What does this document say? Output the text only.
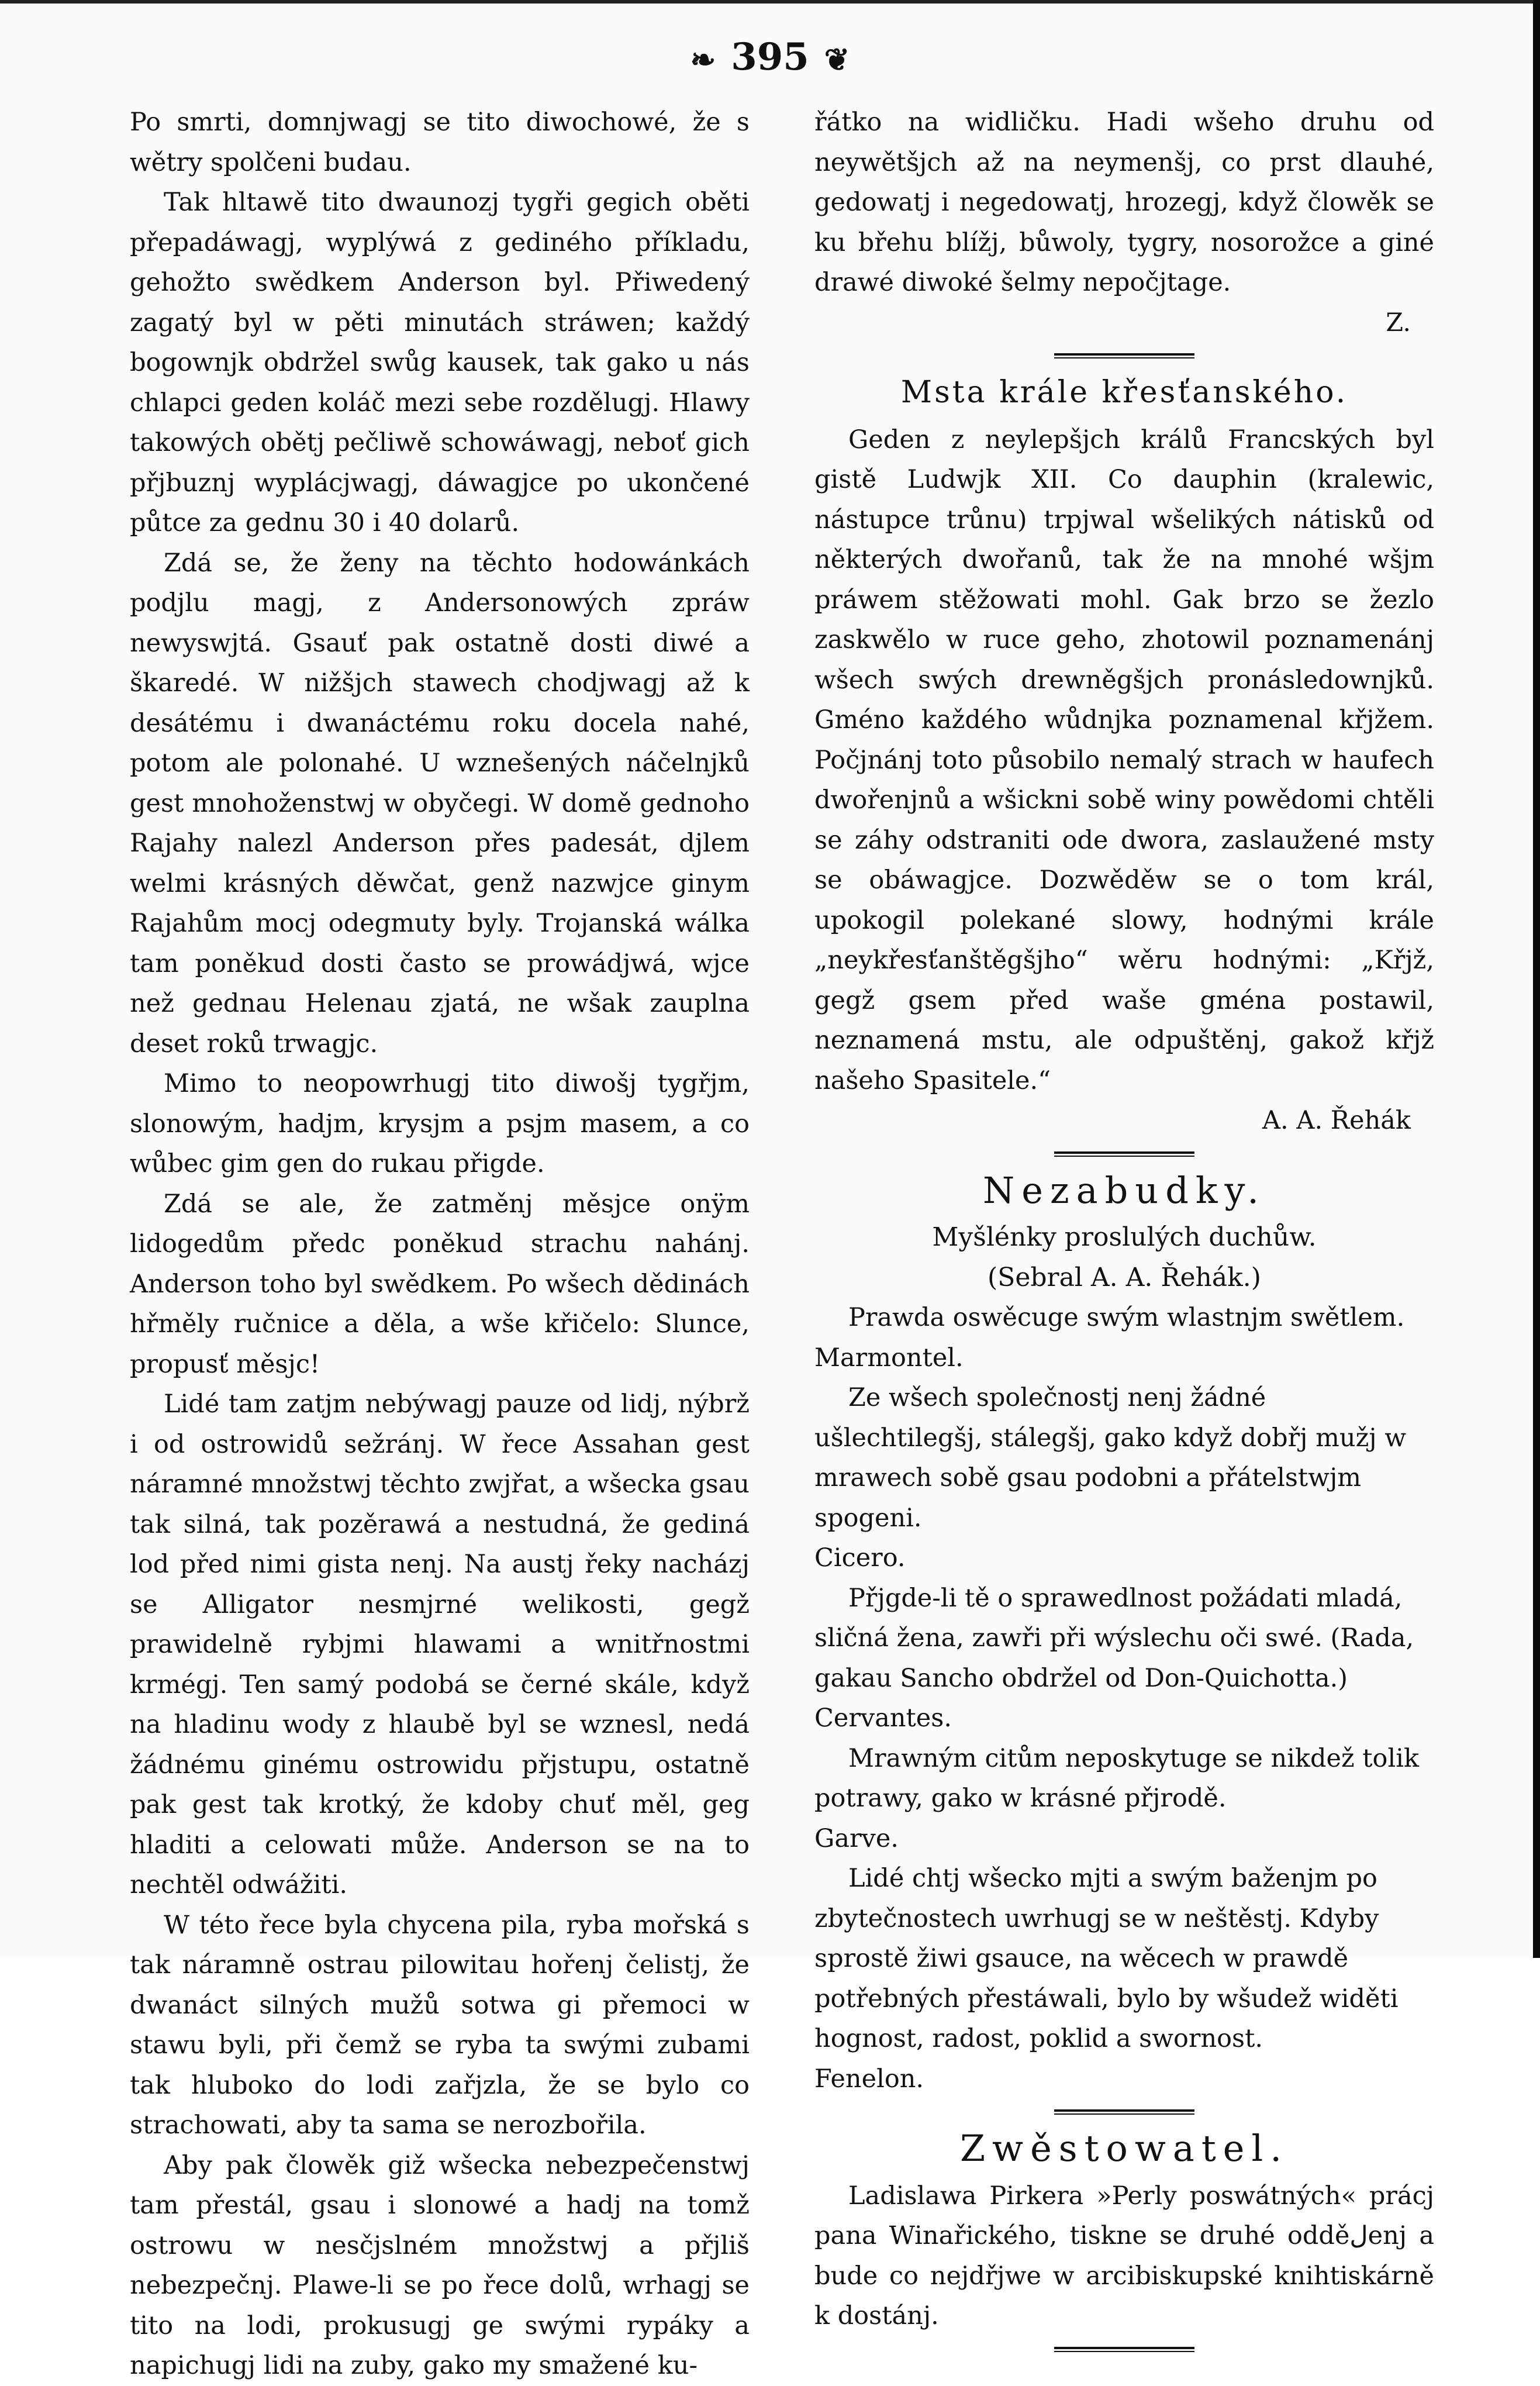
❧ 395 ❦

Po smrti, domnjwagj se tito diwochowé, že s wětry spolčeni budau.

Tak hltawě tito dwaunozj tygři gegich oběti přepadáwagj, wyplýwá z gediného příkladu, gehožto swědkem Anderson byl. Přiwedený zagatý byl w pěti minutách stráwen; každý bogownjk obdržel swůg kausek, tak gako u nás chlapci geden koláč mezi sebe rozdělugj. Hlawy takowých obětj pečliwě schowáwagj, neboť gich přjbuznj wyplácjwagj, dáwagjce po ukončené půtce za gednu 30 i 40 dolarů.

Zdá se, že ženy na těchto hodowánkách podjlu magj, z Andersonowých zpráw newyswjtá. Gsauť pak ostatně dosti diwé a škaredé. W nižšjch stawech chodjwagj až k desátému i dwanáctému roku docela nahé, potom ale polonahé. U wznešených náčelnjků gest mnohoženstwj w obyčegi. W domě gednoho Rajahy nalezl Anderson přes padesát, djlem welmi krásných děwčat, genž nazwjce ginym Rajahům mocj odegmuty byly. Trojanská wálka tam poněkud dosti často se prowádjwá, wjce než gednau Helenau zjatá, ne wšak zauplna deset roků trwagjc.

Mimo to neopowrhugj tito diwošj tygřjm, slonowým, hadjm, krysjm a psjm masem, a co wůbec gim gen do rukau přigde.

Zdá se ale, že zatměnj měsjce onÿm lidogedům předc poněkud strachu nahánj. Anderson toho byl swědkem. Po wšech dědinách hřměly ručnice a děla, a wše křičelo: Slunce, propusť měsjc!

Lidé tam zatjm nebýwagj pauze od lidj, nýbrž i od ostrowidů sežránj. W řece Assahan gest náramné množstwj těchto zwjřat, a wšecka gsau tak silná, tak pozěrawá a nestudná, že gediná lod před nimi gista nenj. Na austj řeky nacházj se Alligator nesmjrné welikosti, gegž prawidelně rybjmi hlawami a wnitřnostmi krmégj. Ten samý podobá se černé skále, když na hladinu wody z hlaubě byl se wznesl, nedá žádnému ginému ostrowidu přjstupu, ostatně pak gest tak krotký, že kdoby chuť měl, geg hladiti a celowati může. Anderson se na to nechtěl odwážiti.

W této řece byla chycena pila, ryba mořská s tak náramně ostrau pilowitau hořenj čelistj, že dwanáct silných mužů sotwa gi přemoci w stawu byli, při čemž se ryba ta swými zubami tak hluboko do lodi zařjzla, že se bylo co strachowati, aby ta sama se nerozbořila.

Aby pak člowěk giž wšecka nebezpečenstwj tam přestál, gsau i slonowé a hadj na tomž ostrowu w nesčjslném množstwj a přjliš nebezpečnj. Plawe-li se po řece dolů, wrhagj se tito na lodi, prokusugj ge swými rypáky a napichugj lidi na zuby, gako my smažené ku-

řátko na widličku. Hadi wšeho druhu od neywětšjch až na neymenšj, co prst dlauhé, gedowatj i negedowatj, hrozegj, když člowěk se ku břehu blížj, bůwoly, tygry, nosorožce a giné drawé diwoké šelmy nepočjtage.

Z.

Msta krále křesťanského.

Geden z neylepšjch králů Francských byl gistě Ludwjk XII. Co dauphin (kralewic, nástupce trůnu) trpjwal wšelikých nátisků od některých dwořanů, tak že na mnohé wšjm práwem stěžowati mohl. Gak brzo se žezlo zaskwělo w ruce geho, zhotowil poznamenánj wšech swých drewněgšjch pronásledownjků. Gméno každého wůdnjka poznamenal křjžem. Počjnánj toto působilo nemalý strach w haufech dwořenjnů a wšickni sobě winy powědomi chtěli se záhy odstraniti ode dwora, zaslaužené msty se obáwagjce. Dozwěděw se o tom král, upokogil polekané slowy, hodnými krále „neykřesťanštěgšjho“ wěru hodnými: „Křjž, gegž gsem před waše gména postawil, neznamená mstu, ale odpuštěnj, gakož křjž našeho Spasitele.“

A. A. Řehák

Nezabudky.

Myšlénky proslulých duchůw.

(Sebral A. A. Řehák.)

Prawda oswěcuge swým wlastnjm swětlem.

Marmontel.

Ze wšech společnostj nenj žádné ušlechtilegšj, stálegšj, gako když dobřj mužj w mrawech sobě gsau podobni a přátelstwjm spogeni.

Cicero.

Přjgde-li tě o sprawedlnost požádati mladá, sličná žena, zawři při wýslechu oči swé. (Rada, gakau Sancho obdržel od Don-Quichotta.)

Cervantes.

Mrawným citům neposkytuge se nikdež tolik potrawy, gako w krásné přjrodě.

Garve.

Lidé chtj wšecko mjti a swým baženjm po zbytečnostech uwrhugj se w neštěstj. Kdyby sprostě žiwi gsauce, na wěcech w prawdě potřebných přestáwali, bylo by wšudež widěti hognost, radost, poklid a swornost.

Fenelon.

Zwěstowatel.

Ladislawa Pirkera »Perly poswátných« prácj pana Winařického, tiskne se druhé odděلenj a bude co nejdřjwe w arcibiskupské knihtiskárně k dostánj.
